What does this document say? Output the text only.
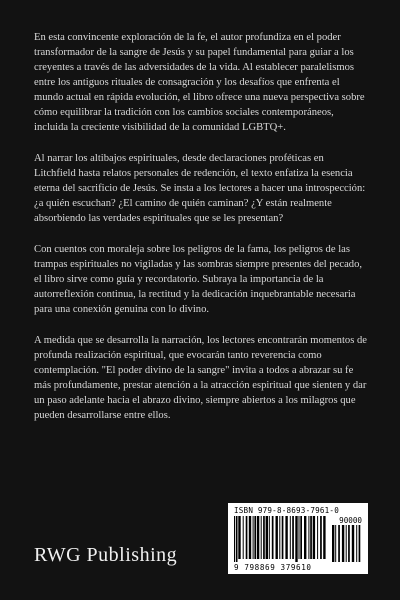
En esta convincente exploración de la fe, el autor profundiza en el poder transformador de la sangre de Jesús y su papel fundamental para guiar a los creyentes a través de las adversidades de la vida. Al establecer paralelismos entre los antiguos rituales de consagración y los desafíos que enfrenta el mundo actual en rápida evolución, el libro ofrece una nueva perspectiva sobre cómo equilibrar la tradición con los cambios sociales contemporáneos, incluida la creciente visibilidad de la comunidad LGBTQ+.

Al narrar los altibajos espirituales, desde declaraciones proféticas en Litchfield hasta relatos personales de redención, el texto enfatiza la esencia eterna del sacrificio de Jesús. Se insta a los lectores a hacer una introspección: ¿a quién escuchan? ¿El camino de quién caminan? ¿Y están realmente absorbiendo las verdades espirituales que se les presentan?

Con cuentos con moraleja sobre los peligros de la fama, los peligros de las trampas espirituales no vigiladas y las sombras siempre presentes del pecado, el libro sirve como guía y recordatorio. Subraya la importancia de la autorreflexión continua, la rectitud y la dedicación inquebrantable necesaria para una conexión genuina con lo divino.

A medida que se desarrolla la narración, los lectores encontrarán momentos de profunda realización espiritual, que evocarán tanto reverencia como contemplación. "El poder divino de la sangre" invita a todos a abrazar su fe más profundamente, prestar atención a la atracción espiritual que sienten y dar un paso adelante hacia el abrazo divino, siempre abiertos a los milagros que pueden desarrollarse entre ellos.

RWG Publishing
ISBN 979-8-8693-7961-0
90000
9 798869 379610
